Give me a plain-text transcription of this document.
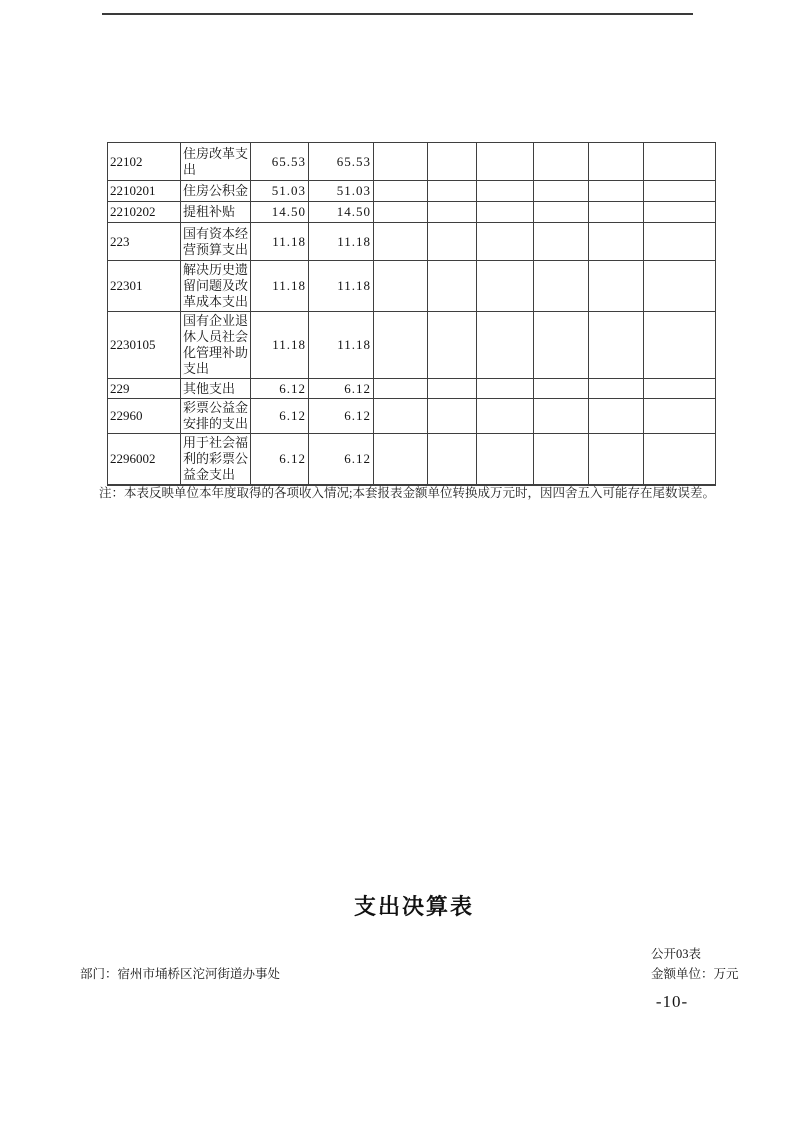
22102	住房改革支出	65.53	65.53						
2210201	住房公积金	51.03	51.03						
2210202	提租补贴	14.50	14.50						
223	国有资本经营预算支出	11.18	11.18						
22301	解决历史遗留问题及改革成本支出	11.18	11.18						
2230105	国有企业退休人员社会化管理补助支出	11.18	11.18						
229	其他支出	6.12	6.12						
22960	彩票公益金安排的支出	6.12	6.12						
2296002	用于社会福利的彩票公益金支出	6.12	6.12						
注：本表反映单位本年度取得的各项收入情况;本套报表金额单位转换成万元时，因四舍五入可能存在尾数误差。
支出决算表
公开03表
金额单位：万元
部门：宿州市埇桥区沱河街道办事处
-10-
